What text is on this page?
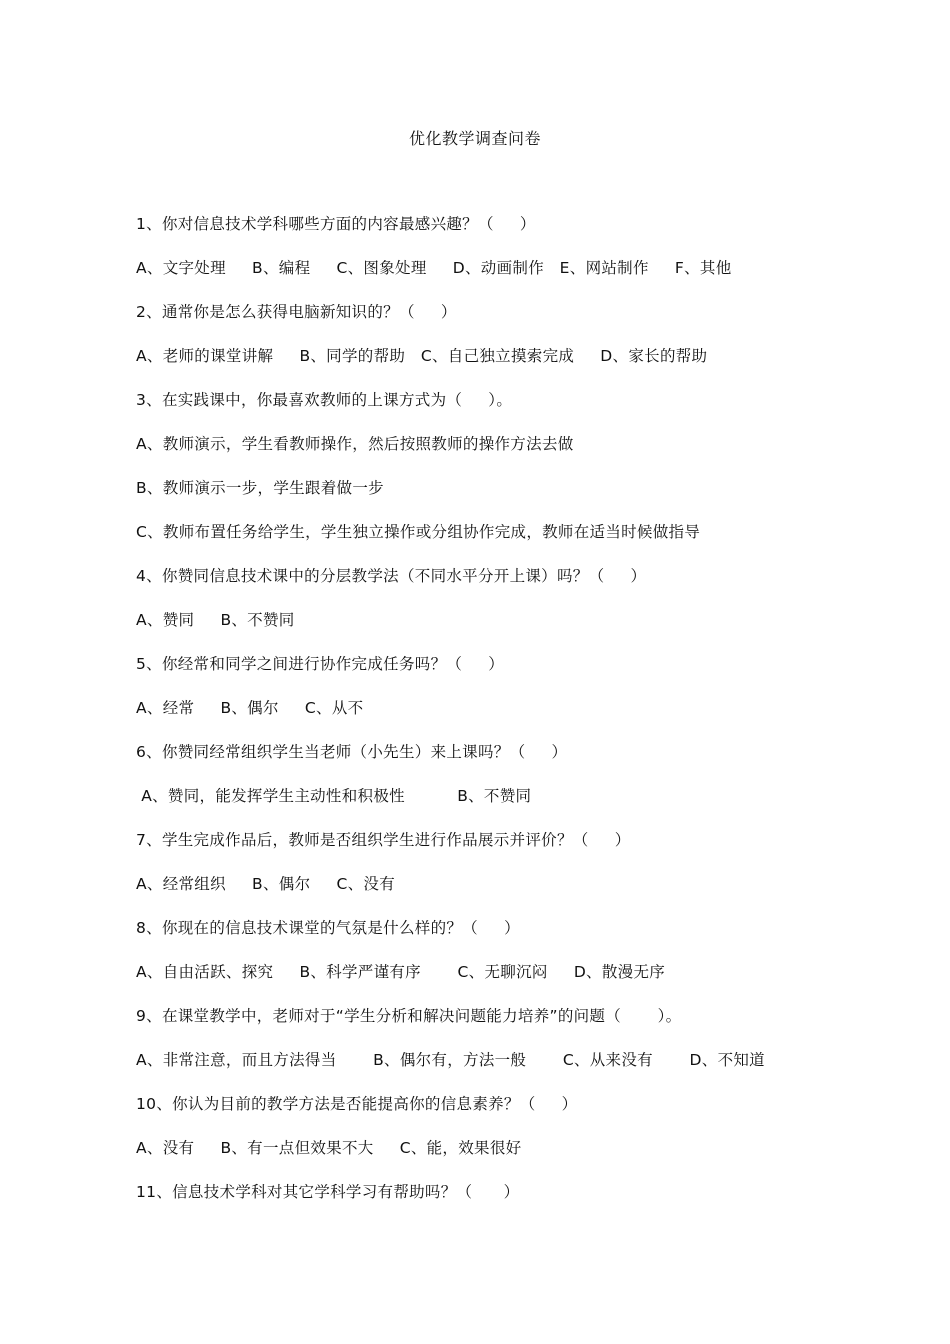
优化教学调查问卷
1、你对信息技术学科哪些方面的内容最感兴趣？（     ）
A、文字处理     B、编程     C、图象处理     D、动画制作   E、网站制作     F、其他
2、通常你是怎么获得电脑新知识的？（     ）
A、老师的课堂讲解     B、同学的帮助   C、自己独立摸索完成     D、家长的帮助
3、在实践课中，你最喜欢教师的上课方式为（     ）。
A、教师演示，学生看教师操作，然后按照教师的操作方法去做
B、教师演示一步，学生跟着做一步
C、教师布置任务给学生，学生独立操作或分组协作完成，教师在适当时候做指导
4、你赞同信息技术课中的分层教学法（不同水平分开上课）吗？（     ）
A、赞同     B、不赞同
5、你经常和同学之间进行协作完成任务吗？（     ）
A、经常     B、偶尔     C、从不
6、你赞同经常组织学生当老师（小先生）来上课吗？（     ）
A、赞同，能发挥学生主动性和积极性          B、不赞同
7、学生完成作品后，教师是否组织学生进行作品展示并评价？（     ）
A、经常组织     B、偶尔     C、没有
8、你现在的信息技术课堂的气氛是什么样的？（     ）
A、自由活跃、探究     B、科学严谨有序       C、无聊沉闷     D、散漫无序
9、在课堂教学中，老师对于“学生分析和解决问题能力培养”的问题（       ）。
A、非常注意，而且方法得当       B、偶尔有，方法一般       C、从来没有       D、不知道
10、你认为目前的教学方法是否能提高你的信息素养？（     ）
A、没有     B、有一点但效果不大     C、能，效果很好
11、信息技术学科对其它学科学习有帮助吗？（      ）
